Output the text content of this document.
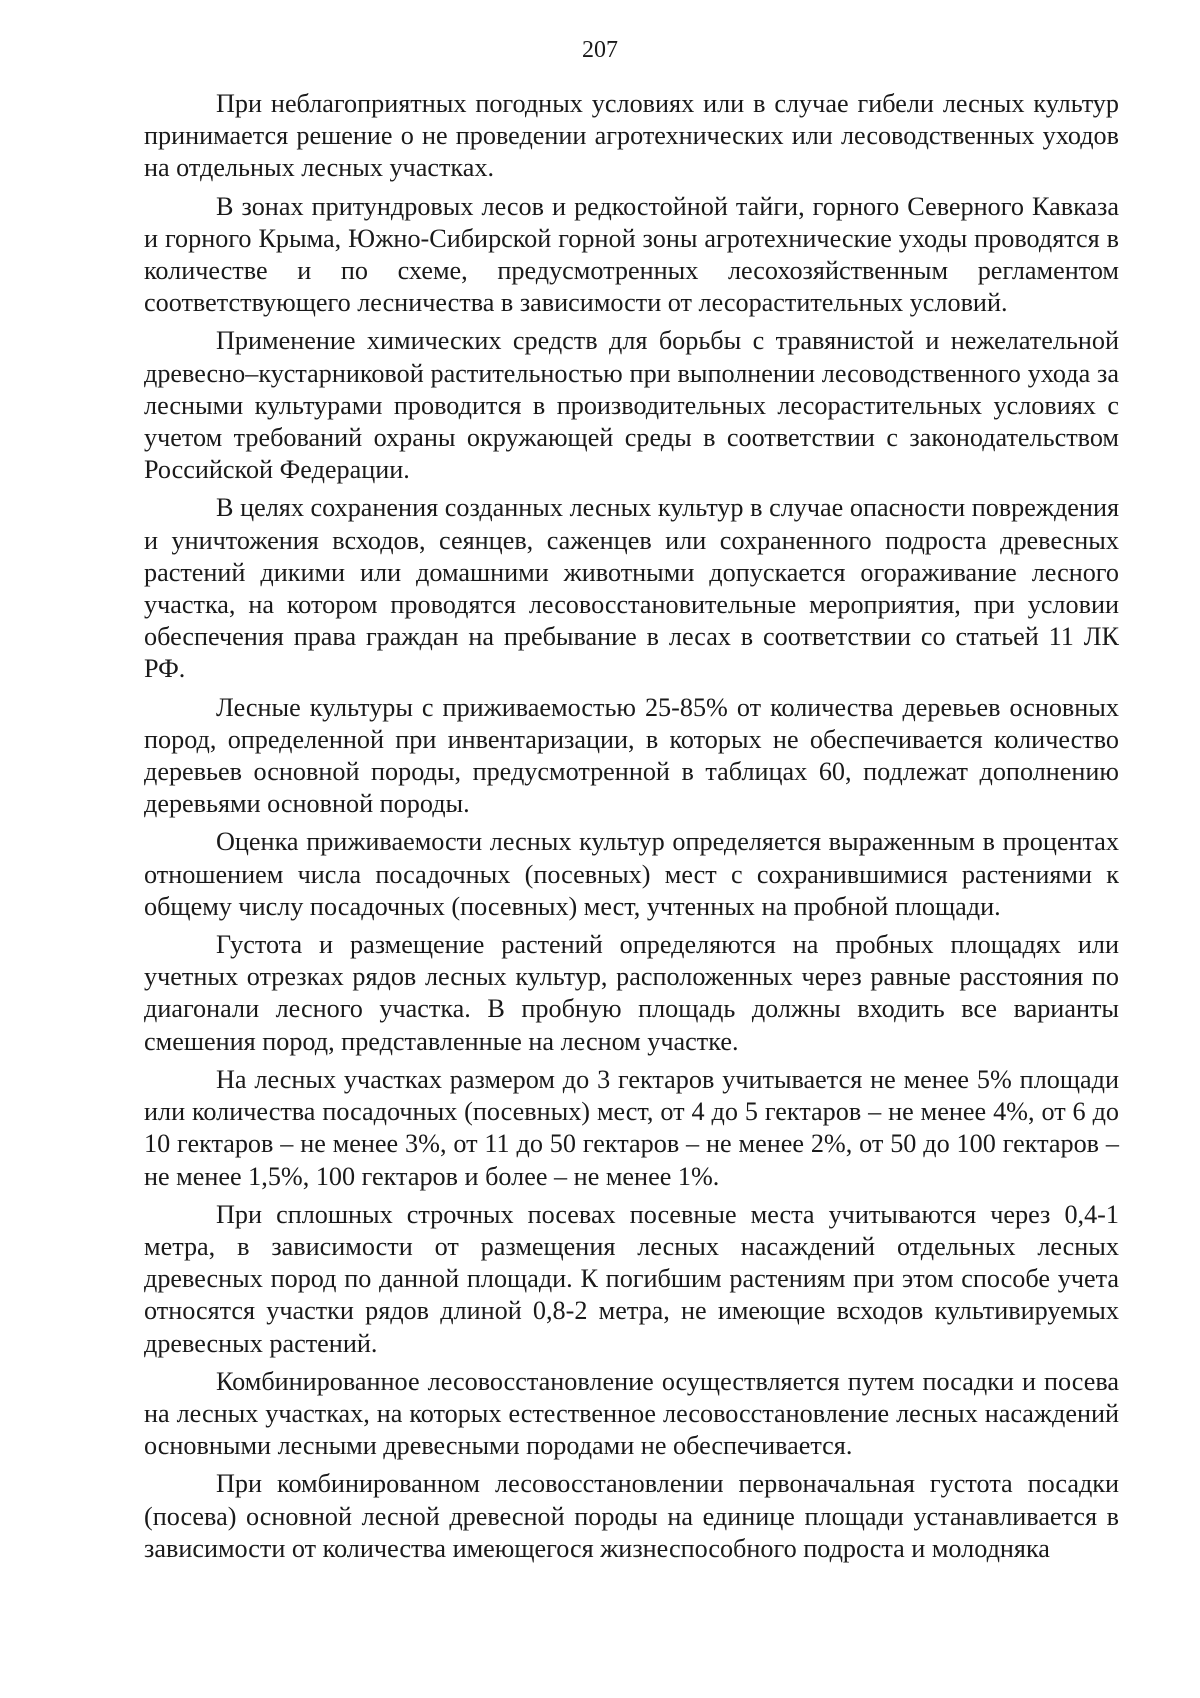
207

При неблагоприятных погодных условиях или в случае гибели лесных культур принимается решение о не проведении агротехнических или лесоводственных уходов на отдельных лесных участках.

В зонах притундровых лесов и редкостойной тайги, горного Северного Кавказа и горного Крыма, Южно-Сибирской горной зоны агротехнические уходы проводятся в количестве и по схеме, предусмотренных лесохозяйственным регламентом соответствующего лесничества в зависимости от лесорастительных условий.

Применение химических средств для борьбы с травянистой и нежелательной древесно–кустарниковой растительностью при выполнении лесоводственного ухода за лесными культурами проводится в производительных лесорастительных условиях с учетом требований охраны окружающей среды в соответствии с законодательством Российской Федерации.

В целях сохранения созданных лесных культур в случае опасности повреждения и уничтожения всходов, сеянцев, саженцев или сохраненного подроста древесных растений дикими или домашними животными допускается огораживание лесного участка, на котором проводятся лесовосстановительные мероприятия, при условии обеспечения права граждан на пребывание в лесах в соответствии со статьей 11 ЛК РФ.

Лесные культуры с приживаемостью 25-85% от количества деревьев основных пород, определенной при инвентаризации, в которых не обеспечивается количество деревьев основной породы, предусмотренной в таблицах 60, подлежат дополнению деревьями основной породы.

Оценка приживаемости лесных культур определяется выраженным в процентах отношением числа посадочных (посевных) мест с сохранившимися растениями к общему числу посадочных (посевных) мест, учтенных на пробной площади.

Густота и размещение растений определяются на пробных площадях или учетных отрезках рядов лесных культур, расположенных через равные расстояния по диагонали лесного участка. В пробную площадь должны входить все варианты смешения пород, представленные на лесном участке.

На лесных участках размером до 3 гектаров учитывается не менее 5% площади или количества посадочных (посевных) мест, от 4 до 5 гектаров – не менее 4%, от 6 до 10 гектаров – не менее 3%, от 11 до 50 гектаров – не менее 2%, от 50 до 100 гектаров – не менее 1,5%, 100 гектаров и более – не менее 1%.

При сплошных строчных посевах посевные места учитываются через 0,4-1 метра, в зависимости от размещения лесных насаждений отдельных лесных древесных пород по данной площади. К погибшим растениям при этом способе учета относятся участки рядов длиной 0,8-2 метра, не имеющие всходов культивируемых древесных растений.

Комбинированное лесовосстановление осуществляется путем посадки и посева на лесных участках, на которых естественное лесовосстановление лесных насаждений основными лесными древесными породами не обеспечивается.

При комбинированном лесовосстановлении первоначальная густота посадки (посева) основной лесной древесной породы на единице площади устанавливается в зависимости от количества имеющегося жизнеспособного подроста и молодняка
